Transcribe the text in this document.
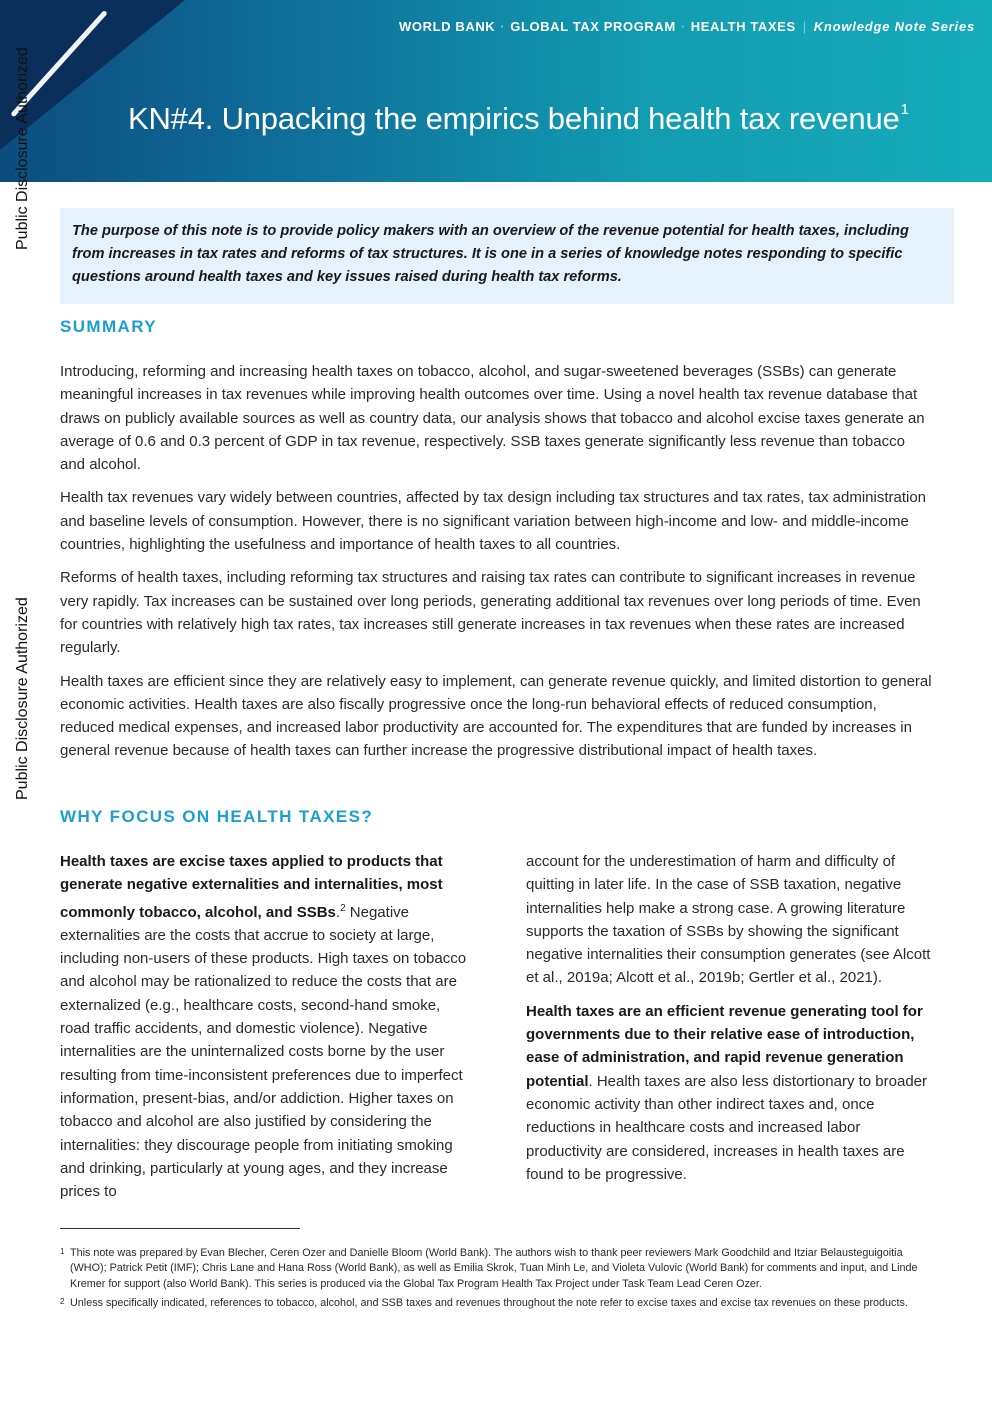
WORLD BANK · GLOBAL TAX PROGRAM · HEALTH TAXES | Knowledge Note Series
KN#4. Unpacking the empirics behind health tax revenue$^1$
Public Disclosure Authorized
Public Disclosure Authorized

The purpose of this note is to provide policy makers with an overview of the revenue potential for health taxes, including from increases in tax rates and reforms of tax structures. It is one in a series of knowledge notes responding to specific questions around health taxes and key issues raised during health tax reforms.

SUMMARY

Introducing, reforming and increasing health taxes on tobacco, alcohol, and sugar-sweetened beverages (SSBs) can generate meaningful increases in tax revenues while improving health outcomes over time. Using a novel health tax revenue database that draws on publicly available sources as well as country data, our analysis shows that tobacco and alcohol excise taxes generate an average of 0.6 and 0.3 percent of GDP in tax revenue, respectively. SSB taxes generate significantly less revenue than tobacco and alcohol.

Health tax revenues vary widely between countries, affected by tax design including tax structures and tax rates, tax administration and baseline levels of consumption. However, there is no significant variation between high-income and low- and middle-income countries, highlighting the usefulness and importance of health taxes to all countries.

Reforms of health taxes, including reforming tax structures and raising tax rates can contribute to significant increases in revenue very rapidly. Tax increases can be sustained over long periods, generating additional tax revenues over long periods of time. Even for countries with relatively high tax rates, tax increases still generate increases in tax revenues when these rates are increased regularly.

Health taxes are efficient since they are relatively easy to implement, can generate revenue quickly, and limited distortion to general economic activities. Health taxes are also fiscally progressive once the long-run behavioral effects of reduced consumption, reduced medical expenses, and increased labor productivity are accounted for. The expenditures that are funded by increases in general revenue because of health taxes can further increase the progressive distributional impact of health taxes.

WHY FOCUS ON HEALTH TAXES?

Health taxes are excise taxes applied to products that generate negative externalities and internalities, most commonly tobacco, alcohol, and SSBs.$^2$ Negative externalities are the costs that accrue to society at large, including non-users of these products. High taxes on tobacco and alcohol may be rationalized to reduce the costs that are externalized (e.g., healthcare costs, second-hand smoke, road traffic accidents, and domestic violence). Negative internalities are the uninternalized costs borne by the user resulting from time-inconsistent preferences due to imperfect information, present-bias, and/or addiction. Higher taxes on tobacco and alcohol are also justified by considering the internalities: they discourage people from initiating smoking and drinking, particularly at young ages, and they increase prices to

account for the underestimation of harm and difficulty of quitting in later life. In the case of SSB taxation, negative internalities help make a strong case. A growing literature supports the taxation of SSBs by showing the significant negative internalities their consumption generates (see Alcott et al., 2019a; Alcott et al., 2019b; Gertler et al., 2021).

Health taxes are an efficient revenue generating tool for governments due to their relative ease of introduction, ease of administration, and rapid revenue generation potential. Health taxes are also less distortionary to broader economic activity than other indirect taxes and, once reductions in healthcare costs and increased labor productivity are considered, increases in health taxes are found to be progressive.

1 This note was prepared by Evan Blecher, Ceren Ozer and Danielle Bloom (World Bank). The authors wish to thank peer reviewers Mark Goodchild and Itziar Belausteguigoitia (WHO); Patrick Petit (IMF); Chris Lane and Hana Ross (World Bank), as well as Emilia Skrok, Tuan Minh Le, and Violeta Vulovic (World Bank) for comments and input, and Linde Kremer for support (also World Bank). This series is produced via the Global Tax Program Health Tax Project under Task Team Lead Ceren Ozer.
2 Unless specifically indicated, references to tobacco, alcohol, and SSB taxes and revenues throughout the note refer to excise taxes and excise tax revenues on these products.
